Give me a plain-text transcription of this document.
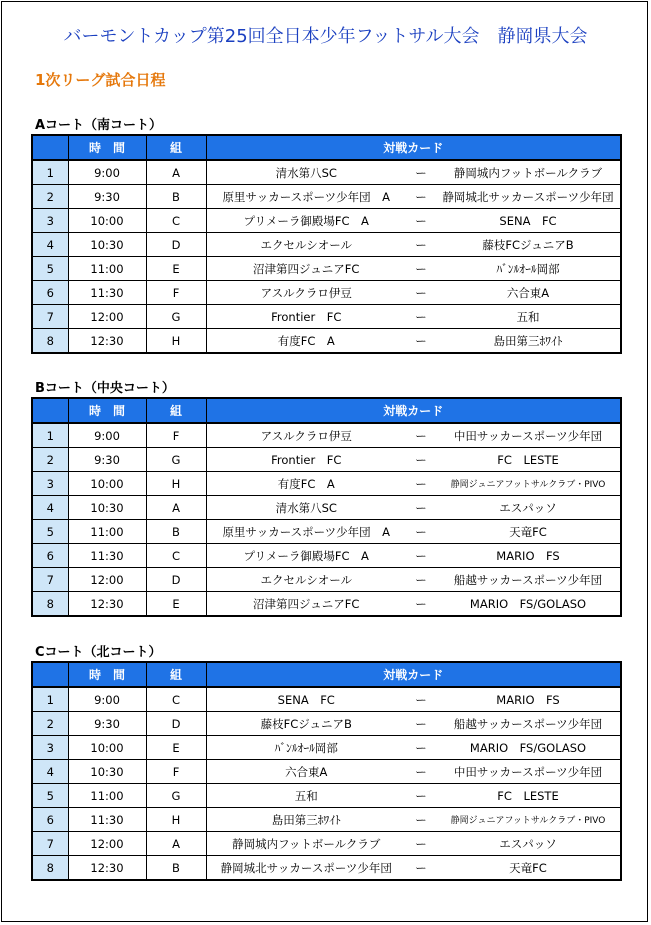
バーモントカップ第25回全日本少年フットサル大会　静岡県大会
1次リーグ試合日程
Aコート（南コート）
	時　間	組	対戦カード		
1	9:00	A	清水第八SC	ー	静岡城内フットボールクラブ
2	9:30	B	原里サッカースポーツ少年団　A	ー	静岡城北サッカースポーツ少年団
3	10:00	C	プリメーラ御殿場FC　A	ー	SENA　FC
4	10:30	D	エクセルシオール	ー	藤枝FCジュニアB
5	11:00	E	沼津第四ジュニアFC	ー	ﾊﾞﾝﾙｵｰﾙ岡部
6	11:30	F	アスルクラロ伊豆	ー	六合東A
7	12:00	G	Frontier　FC	ー	五和
8	12:30	H	有度FC　A	ー	島田第三ﾎﾜｲﾄ
Bコート（中央コート）
	時　間	組	対戦カード		
1	9:00	F	アスルクラロ伊豆	ー	中田サッカースポーツ少年団
2	9:30	G	Frontier　FC	ー	FC　LESTE
3	10:00	H	有度FC　A	ー	静岡ジュニアフットサルクラブ・PIVO
4	10:30	A	清水第八SC	ー	エスパッソ
5	11:00	B	原里サッカースポーツ少年団　A	ー	天竜FC
6	11:30	C	プリメーラ御殿場FC　A	ー	MARIO　FS
7	12:00	D	エクセルシオール	ー	船越サッカースポーツ少年団
8	12:30	E	沼津第四ジュニアFC	ー	MARIO　FS/GOLASO
Cコート（北コート）
	時　間	組	対戦カード		
1	9:00	C	SENA　FC	ー	MARIO　FS
2	9:30	D	藤枝FCジュニアB	ー	船越サッカースポーツ少年団
3	10:00	E	ﾊﾞﾝﾙｵｰﾙ岡部	ー	MARIO　FS/GOLASO
4	10:30	F	六合東A	ー	中田サッカースポーツ少年団
5	11:00	G	五和	ー	FC　LESTE
6	11:30	H	島田第三ﾎﾜｲﾄ	ー	静岡ジュニアフットサルクラブ・PIVO
7	12:00	A	静岡城内フットボールクラブ	ー	エスパッソ
8	12:30	B	静岡城北サッカースポーツ少年団	ー	天竜FC
